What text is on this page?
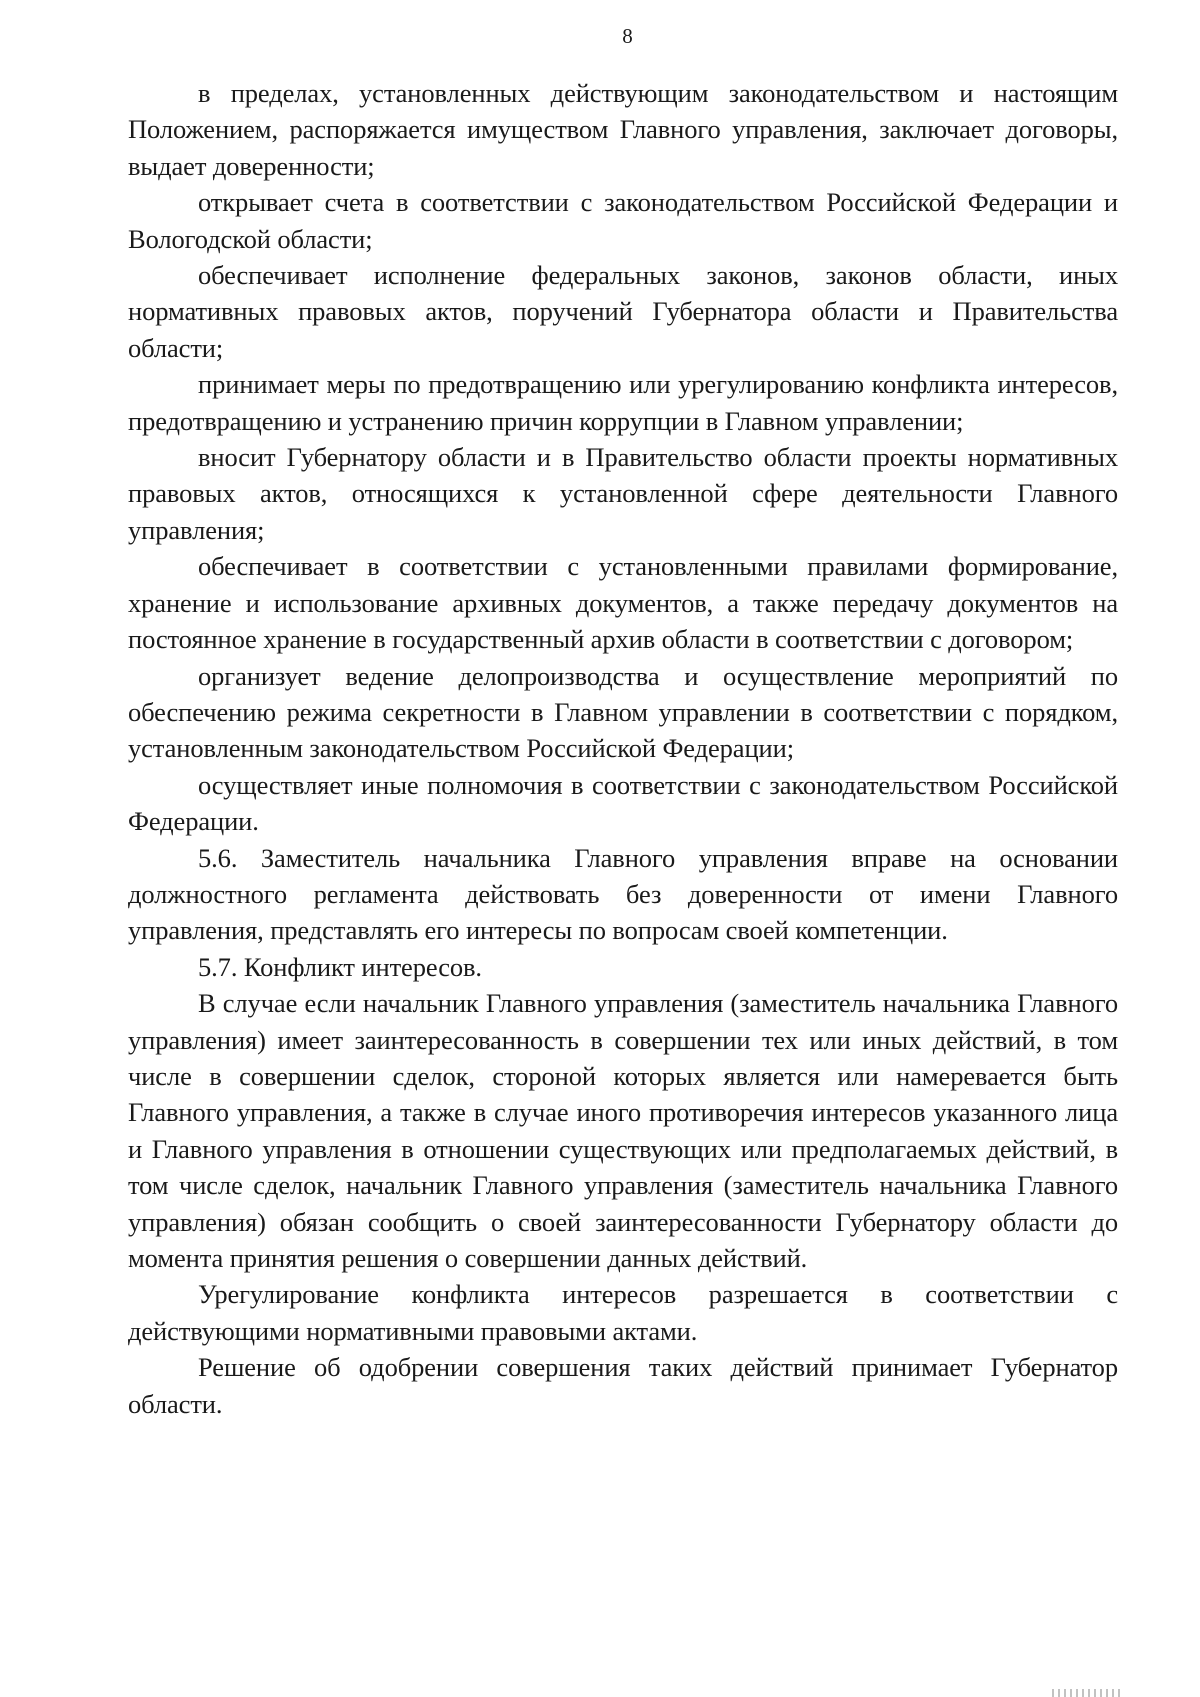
8

в пределах, установленных действующим законодательством и настоящим Положением, распоряжается имуществом Главного управления, заключает договоры, выдает доверенности;

открывает счета в соответствии с законодательством Российской Федерации и Вологодской области;

обеспечивает исполнение федеральных законов, законов области, иных нормативных правовых актов, поручений Губернатора области и Правительства области;

принимает меры по предотвращению или урегулированию конфликта интересов, предотвращению и устранению причин коррупции в Главном управлении;

вносит Губернатору области и в Правительство области проекты нормативных правовых актов, относящихся к установленной сфере деятельности Главного управления;

обеспечивает в соответствии с установленными правилами формирование, хранение и использование архивных документов, а также передачу документов на постоянное хранение в государственный архив области в соответствии с договором;

организует ведение делопроизводства и осуществление мероприятий по обеспечению режима секретности в Главном управлении в соответствии с порядком, установленным законодательством Российской Федерации;

осуществляет иные полномочия в соответствии с законодательством Российской Федерации.

5.6. Заместитель начальника Главного управления вправе на основании должностного регламента действовать без доверенности от имени Главного управления, представлять его интересы по вопросам своей компетенции.

5.7. Конфликт интересов.

В случае если начальник Главного управления (заместитель начальника Главного управления) имеет заинтересованность в совершении тех или иных действий, в том числе в совершении сделок, стороной которых является или намеревается быть Главного управления, а также в случае иного противоречия интересов указанного лица и Главного управления в отношении существующих или предполагаемых действий, в том числе сделок, начальник Главного управления (заместитель начальника Главного управления) обязан сообщить о своей заинтересованности Губернатору области до момента принятия решения о совершении данных действий.

Урегулирование конфликта интересов разрешается в соответствии с действующими нормативными правовыми актами.

Решение об одобрении совершения таких действий принимает Губернатор области.
